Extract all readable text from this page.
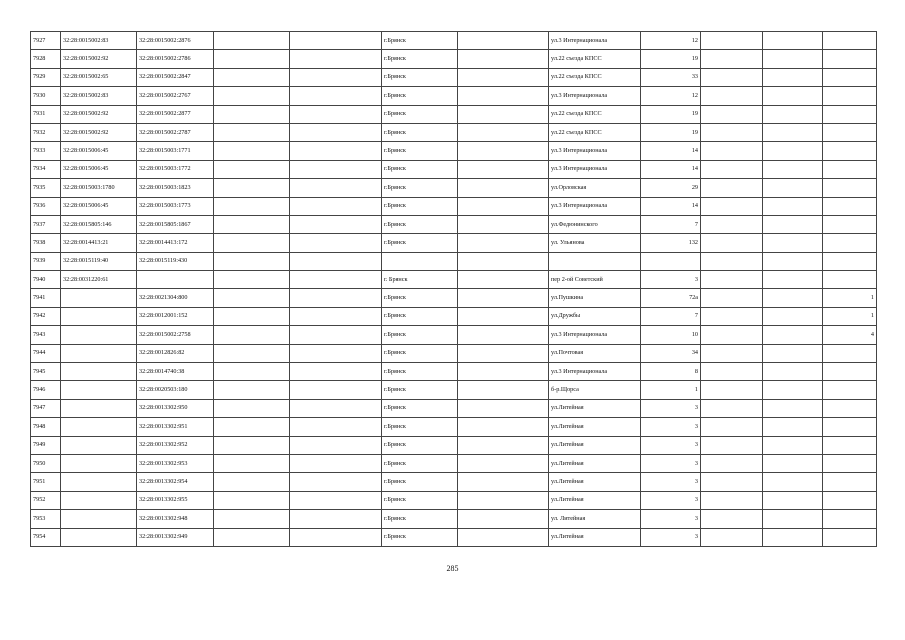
7927	32:28:0015002:83	32:28:0015002:2876			г.Брянск		ул.3 Интернационала	12			
7928	32:28:0015002:92	32:28:0015002:2786			г.Брянск		ул.22 съезда КПСС	19			
7929	32:28:0015002:65	32:28:0015002:2847			г.Брянск		ул.22 съезда КПСС	33			
7930	32:28:0015002:83	32:28:0015002:2767			г.Брянск		ул.3 Интернационала	12			
7931	32:28:0015002:92	32:28:0015002:2877			г.Брянск		ул.22 съезда КПСС	19			
7932	32:28:0015002:92	32:28:0015002:2787			г.Брянск		ул.22 съезда КПСС	19			
7933	32:28:0015006:45	32:28:0015003:1771			г.Брянск		ул.3 Интернационала	14			
7934	32:28:0015006:45	32:28:0015003:1772			г.Брянск		ул.3 Интернационала	14			
7935	32:28:0015003:1780	32:28:0015003:1823			г.Брянск		ул.Орловская	29			
7936	32:28:0015006:45	32:28:0015003:1773			г.Брянск		ул.3 Интернационала	14			
7937	32:28:0015805:146	32:28:0015805:1867			г.Брянск		ул.Федюнинского	7			
7938	32:28:0014413:21	32:28:0014413:172			г.Брянск		ул. Ульянова	132			
7939	32:28:0015119:40	32:28:0015119:430									
7940	32:28:0031220:61				г. Брянск		пер 2-ой Советский	3			
7941		32:28:0021304:800			г.Брянск		ул.Пушкина	72а			1
7942		32:28:0012001:152			г.Брянск		ул.Дружбы	7			1
7943		32:28:0015002:2758			г.Брянск		ул.3 Интернационала	10			4
7944		32:28:0012826:82			г.Брянск		ул.Почтовая	34			
7945		32:28:0014740:38			г.Брянск		ул.3 Интернационала	8			
7946		32:28:0020503:180			г.Брянск		б-р.Щорса	1			
7947		32:28:0013302:950			г.Брянск		ул.Литейная	3			
7948		32:28:0013302:951			г.Брянск		ул.Литейная	3			
7949		32:28:0013302:952			г.Брянск		ул.Литейная	3			
7950		32:28:0013302:953			г.Брянск		ул.Литейная	3			
7951		32:28:0013302:954			г.Брянск		ул.Литейная	3			
7952		32:28:0013302:955			г.Брянск		ул.Литейная	3			
7953		32:28:0013302:948			г.Брянск		ул. Литейная	3			
7954		32:28:0013302:949			г.Брянск		ул.Литейная	3			
285
